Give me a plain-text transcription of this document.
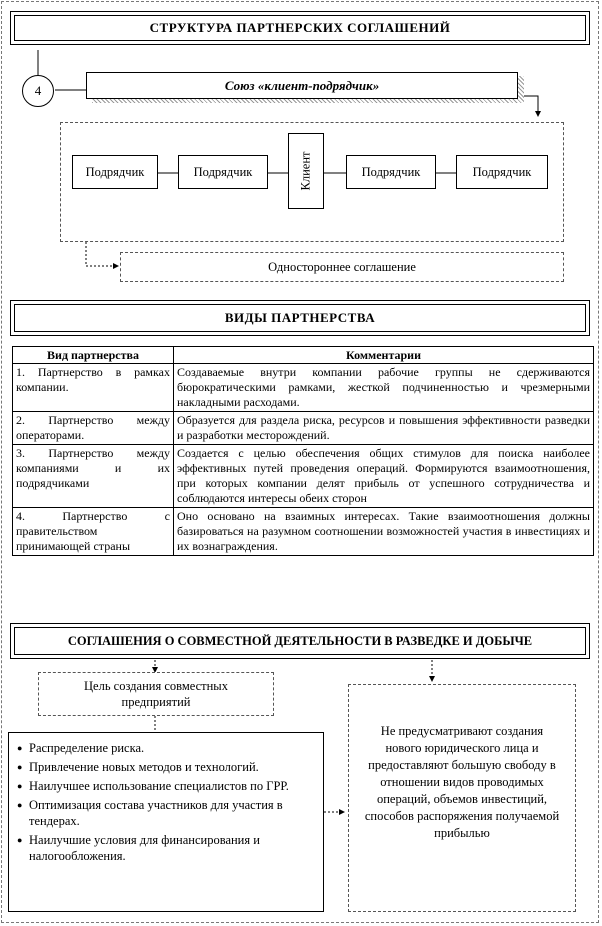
СТРУКТУРА ПАРТНЕРСКИХ СОГЛАШЕНИЙ
4	Союз «клиент-подрядчик»
Подрядчик	Подрядчик	Клиент	Подрядчик	Подрядчик
Одностороннее соглашение
ВИДЫ ПАРТНЕРСТВА
Вид партнерства	Комментарии
1. Партнерство в рамках компании.	Создаваемые внутри компании рабочие группы не сдерживаются бюрократическими рамками, жесткой подчиненностью и чрезмерными накладными расходами.
2. Партнерство между операторами.	Образуется для раздела риска, ресурсов и повышения эффективности разведки и разработки месторождений.
3. Партнерство между компаниями и их подрядчиками	Создается с целью обеспечения общих стимулов для поиска наиболее эффективных путей проведения операций. Формируются взаимоотношения, при которых компании делят прибыль от успешного сотрудничества и соблюдаются интересы обеих сторон
4. Партнерство с правительством принимающей страны	Оно основано на взаимных интересах. Такие взаимоотношения должны базироваться на разумном соотношении возможностей участия в инвестициях и их вознаграждения.
СОГЛАШЕНИЯ О СОВМЕСТНОЙ ДЕЯТЕЛЬНОСТИ В РАЗВЕДКЕ И ДОБЫЧЕ
Цель создания совместных предприятий
● Распределение риска.
● Привлечение новых методов и технологий.
● Наилучшее использование специалистов по ГРР.
● Оптимизация состава участников для участия в тендерах.
● Наилучшие условия для финансирования и налогообложения.
Не предусматривают создания нового юридического лица и предоставляют большую свободу в отношении видов проводимых операций, объемов инвестиций, способов распоряжения получаемой прибылью
